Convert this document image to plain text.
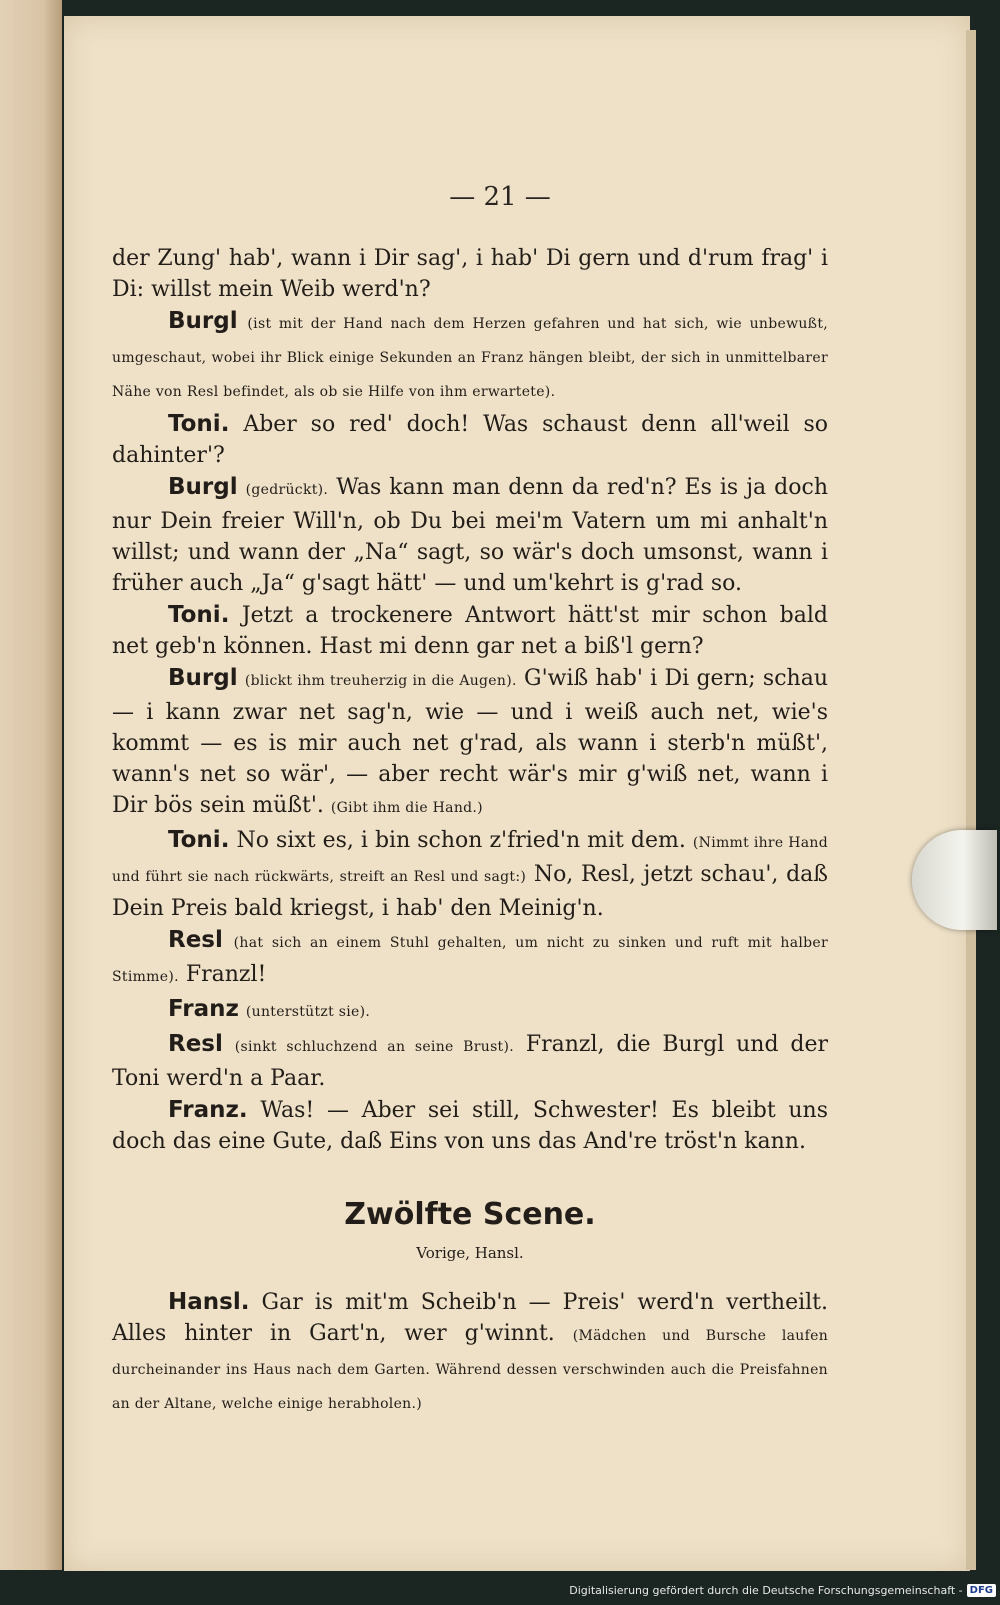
— 21 —
der Zung' hab', wann i Dir sag', i hab' Di gern und d'rum frag' i Di: willst mein Weib werd'n?
Burgl (ist mit der Hand nach dem Herzen gefahren und hat sich, wie unbewußt, umgeschaut, wobei ihr Blick einige Sekunden an Franz hängen bleibt, der sich in unmittelbarer Nähe von Resl befindet, als ob sie Hilfe von ihm erwartete).
Toni. Aber so red' doch! Was schaust denn all'weil so dahinter'?
Burgl (gedrückt). Was kann man denn da red'n? Es is ja doch nur Dein freier Will'n, ob Du bei mei'm Vatern um mi anhalt'n willst; und wann der „Na“ sagt, so wär's doch umsonst, wann i früher auch „Ja“ g'sagt hätt' — und um'kehrt is g'rad so.
Toni. Jetzt a trockenere Antwort hätt'st mir schon bald net geb'n können. Hast mi denn gar net a biß'l gern?
Burgl (blickt ihm treuherzig in die Augen). G'wiß hab' i Di gern; schau — i kann zwar net sag'n, wie — und i weiß auch net, wie's kommt — es is mir auch net g'rad, als wann i sterb'n müßt', wann's net so wär', — aber recht wär's mir g'wiß net, wann i Dir bös sein müßt'. (Gibt ihm die Hand.)
Toni. No sixt es, i bin schon z'fried'n mit dem. (Nimmt ihre Hand und führt sie nach rückwärts, streift an Resl und sagt:) No, Resl, jetzt schau', daß Dein Preis bald kriegst, i hab' den Meinig'n.
Resl (hat sich an einem Stuhl gehalten, um nicht zu sinken und ruft mit halber Stimme). Franzl!
Franz (unterstützt sie).
Resl (sinkt schluchzend an seine Brust). Franzl, die Burgl und der Toni werd'n a Paar.
Franz. Was! — Aber sei still, Schwester! Es bleibt uns doch das eine Gute, daß Eins von uns das And're tröst'n kann.
Zwölfte Scene.
Vorige, Hansl.
Hansl. Gar is mit'm Scheib'n — Preis' werd'n vertheilt. Alles hinter in Gart'n, wer g'winnt. (Mädchen und Bursche laufen durcheinander ins Haus nach dem Garten. Während dessen verschwinden auch die Preisfahnen an der Altane, welche einige herabholen.)
Digitalisierung gefördert durch die Deutsche Forschungsgemeinschaft - DFG
